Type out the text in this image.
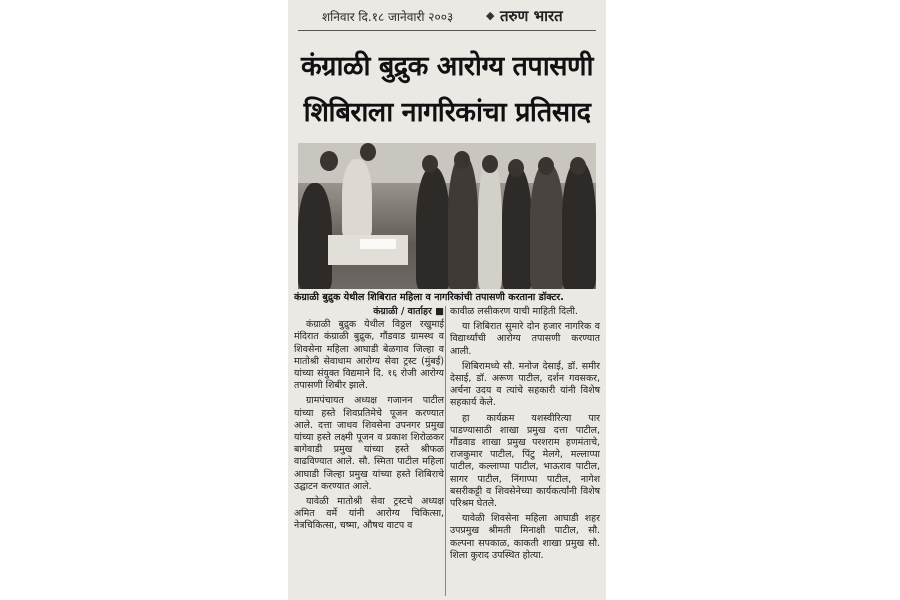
शनिवार दि.१८ जानेवारी २००३	◆ तरुण भारत
कंग्राळी बुद्रुक आरोग्य तपासणी
शिबिराला नागरिकांचा प्रतिसाद
कंग्राळी बुद्रुक येथील शिबिरात महिला व नागरिकांची तपासणी करताना डॉक्टर.
कंग्राळी / वार्ताहर ■

कंग्राळी बुद्रुक येथील विठ्ठल रखुमाई मंदिरात कंग्राळी बुद्रुक, गौंडवाड ग्रामस्थ व शिवसेना महिला आघाडी बेळगाव जिल्हा व मातोश्री सेवाधाम आरोग्य सेवा ट्रस्ट (मुंबई) यांच्या संयुक्त विद्यमाने दि. १६ रोजी आरोग्य तपासणी शिबीर झाले.

ग्रामपंचायत अध्यक्ष गजानन पाटील यांच्या हस्ते शिवप्रतिमेचे पूजन करण्यात आले. दत्ता जाधव शिवसेना उपनगर प्रमुख यांच्या हस्ते लक्ष्मी पूजन व प्रकाश शिरोळकर बागेवाडी प्रमुख यांच्या हस्ते श्रीफळ वाढविण्यात आले. सौ. स्मिता पाटील महिला आघाडी जिल्हा प्रमुख यांच्या हस्ते शिबिराचे उद्घाटन करण्यात आले.

यावेळी मातोश्री सेवा ट्रस्टचे अध्यक्ष अमित वर्मे यांनी आरोग्य चिकित्सा, नेत्रचिकित्सा, चष्मा, औषध वाटप व

कावीळ लसीकरण याची माहिती दिली.

या शिबिरात सुमारे दोन हजार नागरिक व विद्यार्थ्यांची आरोग्य तपासणी करण्यात आली.

शिबिरामध्ये सौ. मनोज देसाई, डॉ. समीर देसाई, डॉ. अरूण पाटील, दर्शन गवसकर, अर्चना उदय व त्यांचे सहकारी यांनी विशेष सहकार्य केले.

हा कार्यक्रम यशस्वीरित्या पार पाडण्यासाठी शाखा प्रमुख दत्ता पाटील, गौंडवाड शाखा प्रमुख परशराम हणमंताचे, राजकुमार पाटील, पिंटु मेलगे, मल्लाप्पा पाटील, कल्लाप्पा पाटील, भाऊराव पाटील, सागर पाटील, निंगाप्पा पाटील, नागेश बसरीकट्टी व शिवसेनेच्या कार्यकर्त्यांनी विशेष परिश्रम घेतले.

यावेळी शिवसेना महिला आघाडी शहर उपप्रमुख श्रीमती मिनाक्षी पाटील, सौ. कल्पना सपकाळ, काकती शाखा प्रमुख सौ. शिला कुराद उपस्थित होत्या.
